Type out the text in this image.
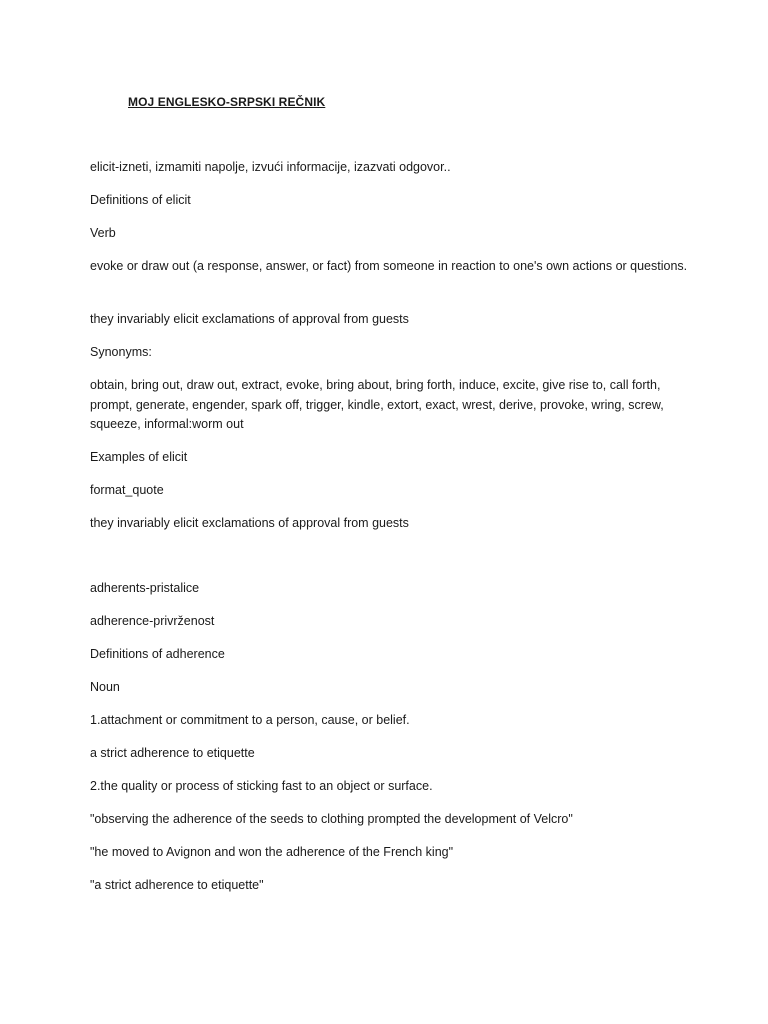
MOJ ENGLESKO-SRPSKI REČNIK

elicit-izneti, izmamiti napolje, izvući informacije, izazvati odgovor..

Definitions of elicit

Verb

evoke or draw out (a response, answer, or fact) from someone in reaction to one's own actions or questions.

they invariably elicit exclamations of approval from guests

Synonyms:

obtain, bring out, draw out, extract, evoke, bring about, bring forth, induce, excite, give rise to, call forth, prompt, generate, engender, spark off, trigger, kindle, extort, exact, wrest, derive, provoke, wring, screw, squeeze, informal:worm out

Examples of elicit

format_quote

they invariably elicit exclamations of approval from guests

adherents-pristalice

adherence-privrženost

Definitions of adherence

Noun

1.attachment or commitment to a person, cause, or belief.

a strict adherence to etiquette

2.the quality or process of sticking fast to an object or surface.

"observing the adherence of the seeds to clothing prompted the development of Velcro"

"he moved to Avignon and won the adherence of the French king"

"a strict adherence to etiquette"
